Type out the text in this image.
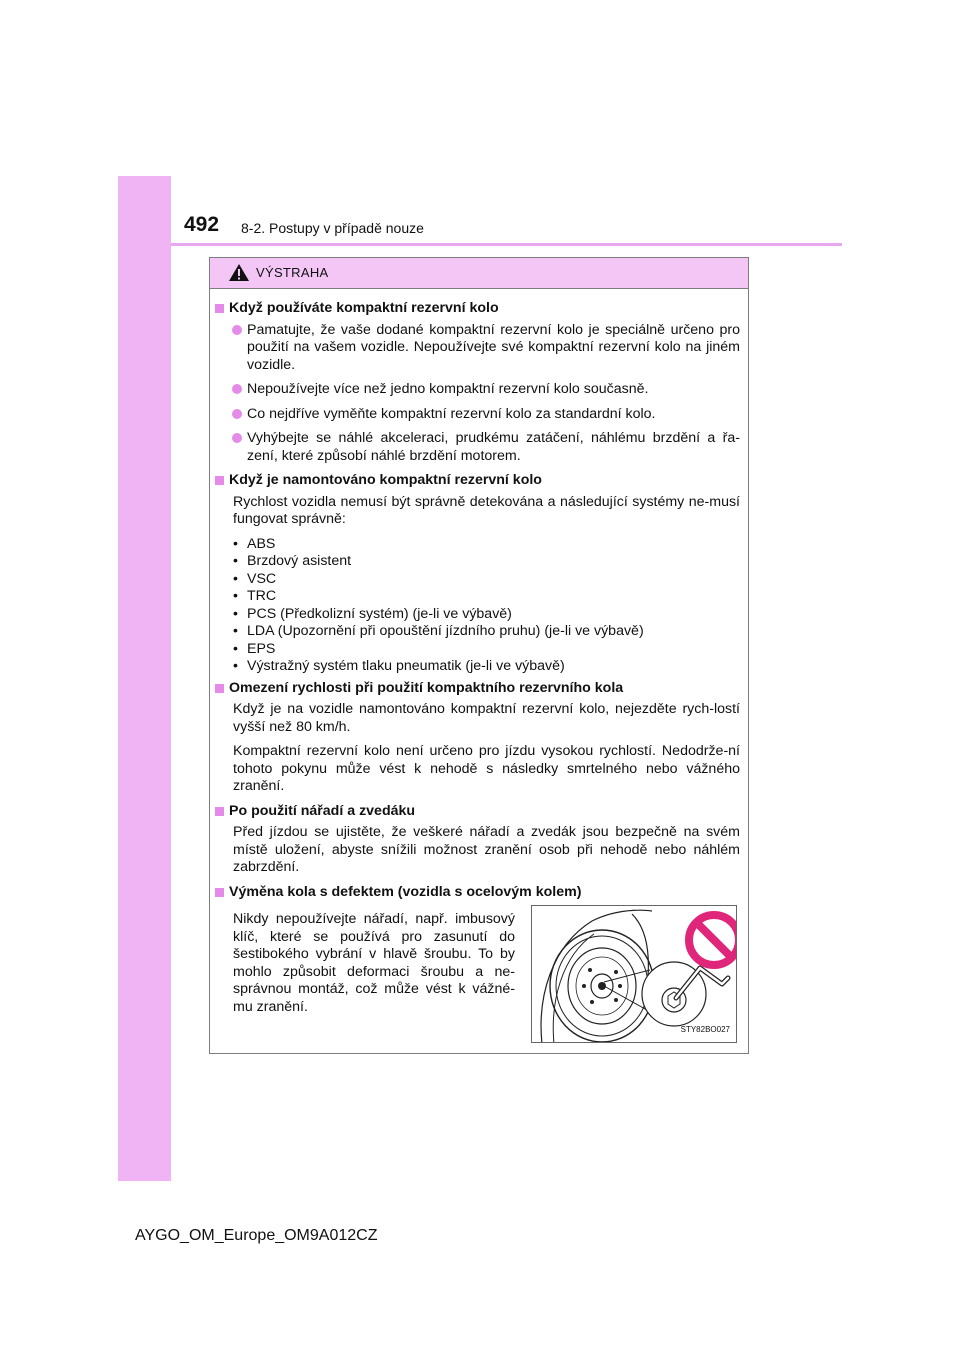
492 8-2. Postupy v případě nouze
VÝSTRAHA
Když používáte kompaktní rezervní kolo
Pamatujte, že vaše dodané kompaktní rezervní kolo je speciálně určeno pro použití na vašem vozidle. Nepoužívejte své kompaktní rezervní kolo na jiném vozidle.
Nepoužívejte více než jedno kompaktní rezervní kolo současně.
Co nejdříve vyměňte kompaktní rezervní kolo za standardní kolo.
Vyhýbejte se náhlé akceleraci, prudkému zatáčení, náhlému brzdění a řa-zení, které způsobí náhlé brzdění motorem.
Když je namontováno kompaktní rezervní kolo
Rychlost vozidla nemusí být správně detekována a následující systémy ne-musí fungovat správně:
• ABS
• Brzdový asistent
• VSC
• TRC
• PCS (Předkolizní systém) (je-li ve výbavě)
• LDA (Upozornění při opouštění jízdního pruhu) (je-li ve výbavě)
• EPS
• Výstražný systém tlaku pneumatik (je-li ve výbavě)
Omezení rychlosti při použití kompaktního rezervního kola
Když je na vozidle namontováno kompaktní rezervní kolo, nejezděte rych-lostí vyšší než 80 km/h.
Kompaktní rezervní kolo není určeno pro jízdu vysokou rychlostí. Nedodrže-ní tohoto pokynu může vést k nehodě s následky smrtelného nebo vážného zranění.
Po použití nářadí a zvedáku
Před jízdou se ujistěte, že veškeré nářadí a zvedák jsou bezpečně na svém místě uložení, abyste snížili možnost zranění osob při nehodě nebo náhlém zabrzdění.
Výměna kola s defektem (vozidla s ocelovým kolem)
Nikdy nepoužívejte nářadí, např. imbusový klíč, které se používá pro zasunutí do šestibokého vybrání v hlavě šroubu. To by mohlo způsobit deformaci šroubu a ne-správnou montáž, což může vést k vážné-mu zranění.
STY82BO027
AYGO_OM_Europe_OM9A012CZ
